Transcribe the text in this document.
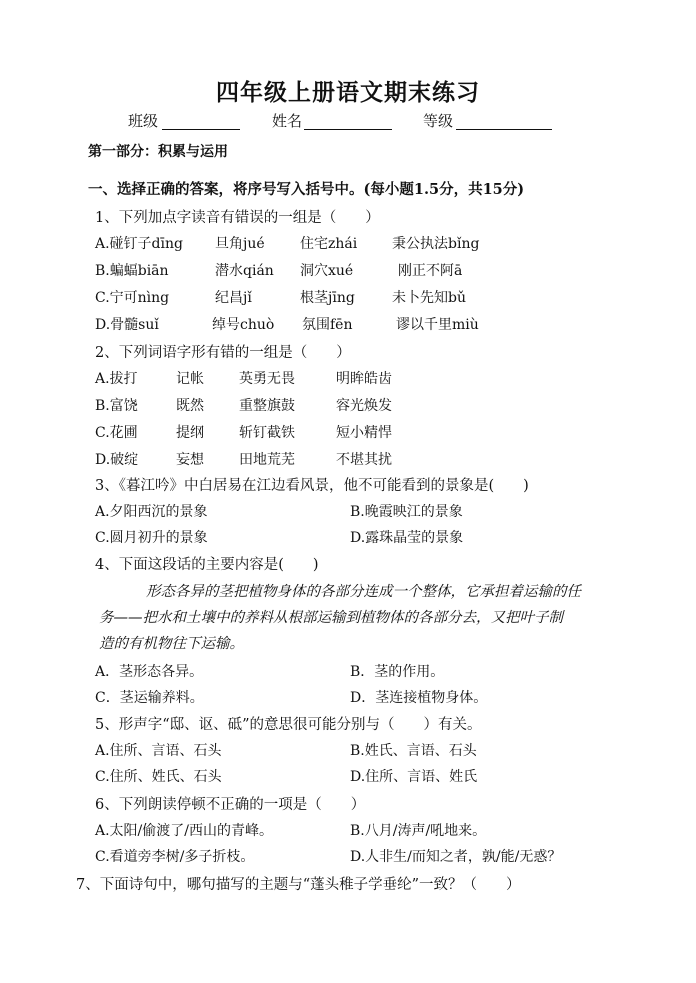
四年级上册语文期末练习
班级	姓名	等级
第一部分：积累与运用
一、选择正确的答案，将序号写入括号中。(每小题1.5分，共15分)
1、下列加点字读音有错误的一组是（　　）
A.碰钉子dīng 旦角jué	住宅zhái 秉公执法bǐng
B.蝙蝠biān	潜水qián 洞穴xué	刚正不阿ā
C.宁可nìng	纪昌jǐ	根茎jīng	未卜先知bǔ
D.骨髓suǐ	绰号chuò 氛围fēn	谬以千里miù
2、下列词语字形有错的一组是（　　）
A.拔打	记帐	英勇无畏	明眸皓齿
B.富饶	既然	重整旗鼓	容光焕发
C.花圃	提纲	斩钉截铁	短小精悍
D.破绽	妄想	田地荒芜	不堪其扰
3、《暮江吟》中白居易在江边看风景，他不可能看到的景象是(　　)
A.夕阳西沉的景象	B.晚霞映江的景象
C.圆月初升的景象	D.露珠晶莹的景象
4、下面这段话的主要内容是(　　)
形态各异的茎把植物身体的各部分连成一个整体，它承担着运输的任
务——把水和土壤中的养料从根部运输到植物体的各部分去，又把叶子制
造的有机物往下运输。
A．茎形态各异。	B．茎的作用。
C．茎运输养料。	D．茎连接植物身体。
5、形声字“邸、讴、砥”的意思很可能分别与（　　）有关。
A.住所、言语、石头	B.姓氏、言语、石头
C.住所、姓氏、石头	D.住所、言语、姓氏
6、下列朗读停顿不正确的一项是（　　）
A.太阳/偷渡了/西山的青峰。	B.八月/涛声/吼地来。
C.看道旁李树/多子折枝。	D.人非生/而知之者，孰/能/无惑？
7、下面诗句中，哪句描写的主题与“蓬头稚子学垂纶”一致？（　　）
